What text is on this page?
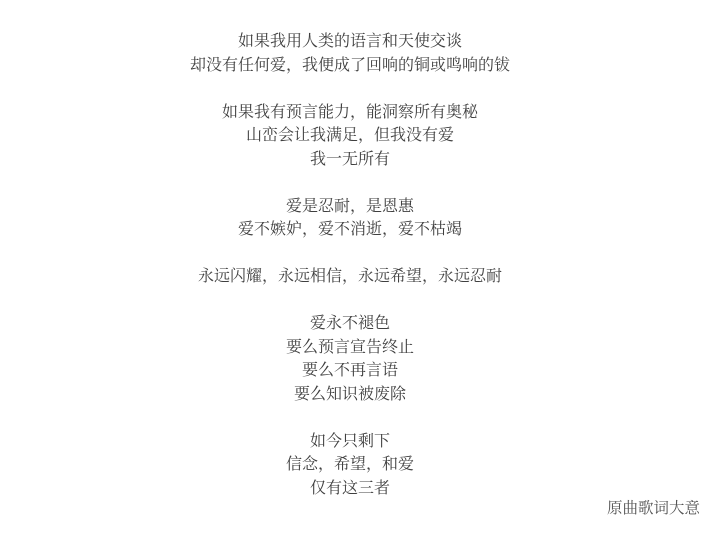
如果我用人类的语言和天使交谈

却没有任何爱，我便成了回响的铜或鸣响的钹

如果我有预言能力，能洞察所有奥秘

山峦会让我满足，但我没有爱

我一无所有

爱是忍耐，是恩惠

爱不嫉妒，爱不消逝，爱不枯竭

永远闪耀，永远相信，永远希望，永远忍耐

爱永不褪色

要么预言宣告终止

要么不再言语

要么知识被废除

如今只剩下

信念，希望，和爱

仅有这三者

原曲歌词大意
